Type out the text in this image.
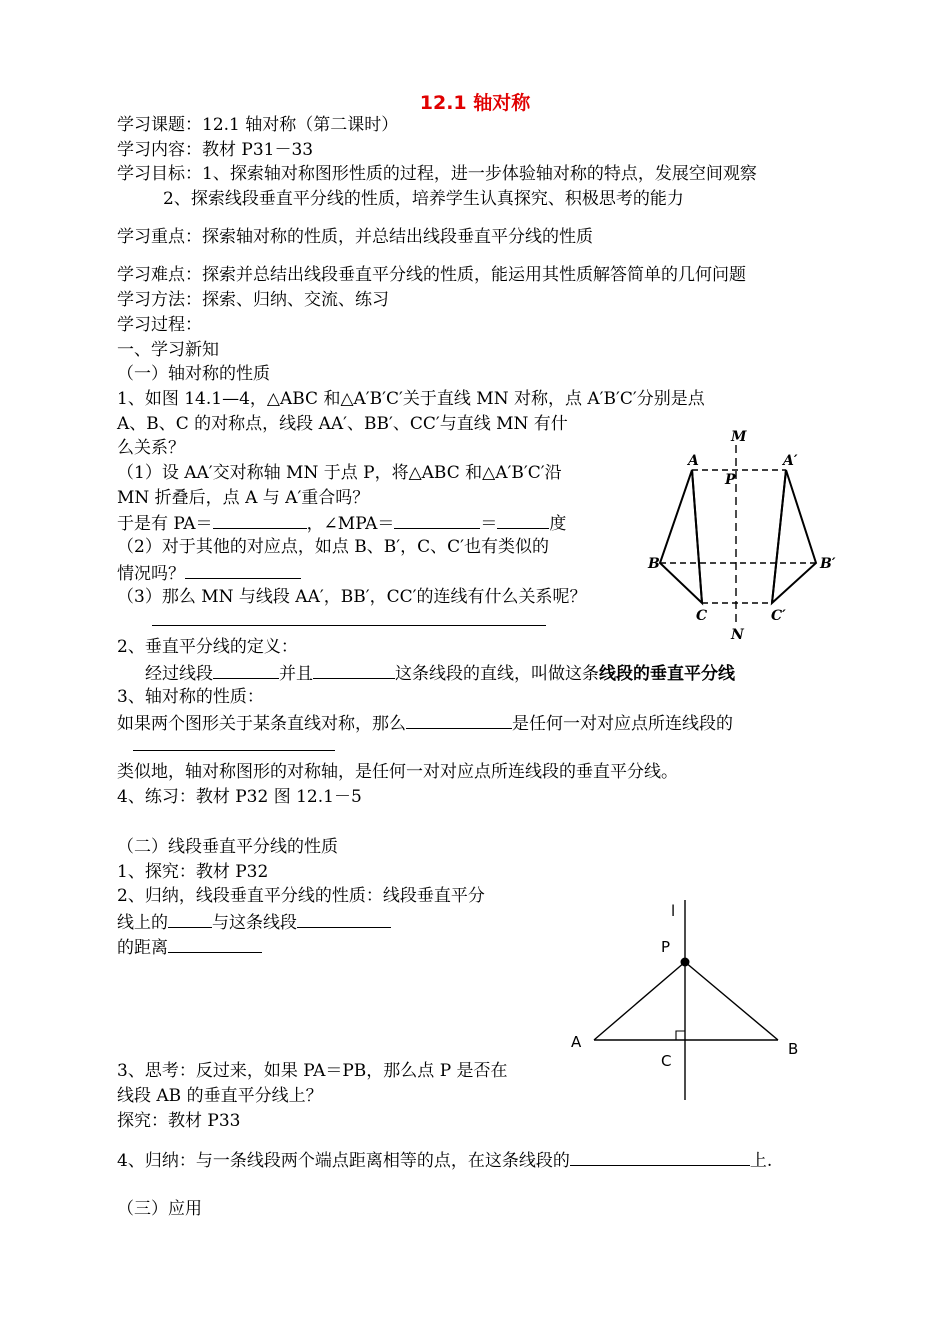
12.1 轴对称
学习课题：12.1 轴对称（第二课时）
学习内容：教材 P31－33
学习目标：1、探索轴对称图形性质的过程，进一步体验轴对称的特点，发展空间观察
2、探索线段垂直平分线的性质，培养学生认真探究、积极思考的能力
学习重点：探索轴对称的性质，并总结出线段垂直平分线的性质
学习难点：探索并总结出线段垂直平分线的性质，能运用其性质解答简单的几何问题
学习方法：探索、归纳、交流、练习
学习过程：
一、学习新知
（一）轴对称的性质
1、如图 14.1—4，△ABC 和△A′B′C′关于直线 MN 对称，点 A′B′C′分别是点
A、B、C 的对称点，线段 AA′、BB′、CC′与直线 MN 有什
么关系？
（1）设 AA′交对称轴 MN 于点 P，将△ABC 和△A′B′C′沿
MN 折叠后，点 A 与 A′重合吗？
于是有 PA＝	，∠MPA＝	＝	度
（2）对于其他的对应点，如点 B、B′，C、C′也有类似的
情况吗？
（3）那么 MN 与线段 AA′，BB′，CC′的连线有什么关系呢？
2、垂直平分线的定义：
经过线段	并且	这条线段的直线，叫做这条线段的垂直平分线
3、轴对称的性质：
如果两个图形关于某条直线对称，那么	是任何一对对应点所连线段的
类似地，轴对称图形的对称轴，是任何一对对应点所连线段的垂直平分线。
4、练习：教材 P32 图 12.1－5
（二）线段垂直平分线的性质
1、探究：教材 P32
2、归纳，线段垂直平分线的性质：线段垂直平分
线上的	与这条线段
的距离
3、思考：反过来，如果 PA＝PB，那么点 P 是否在
线段 AB 的垂直平分线上？
探究：教材 P33
4、归纳：与一条线段两个端点距离相等的点，在这条线段的	上.
（三）应用
M
N
P
A	A′
B	B′
C	C′
l
P
A	B
C
